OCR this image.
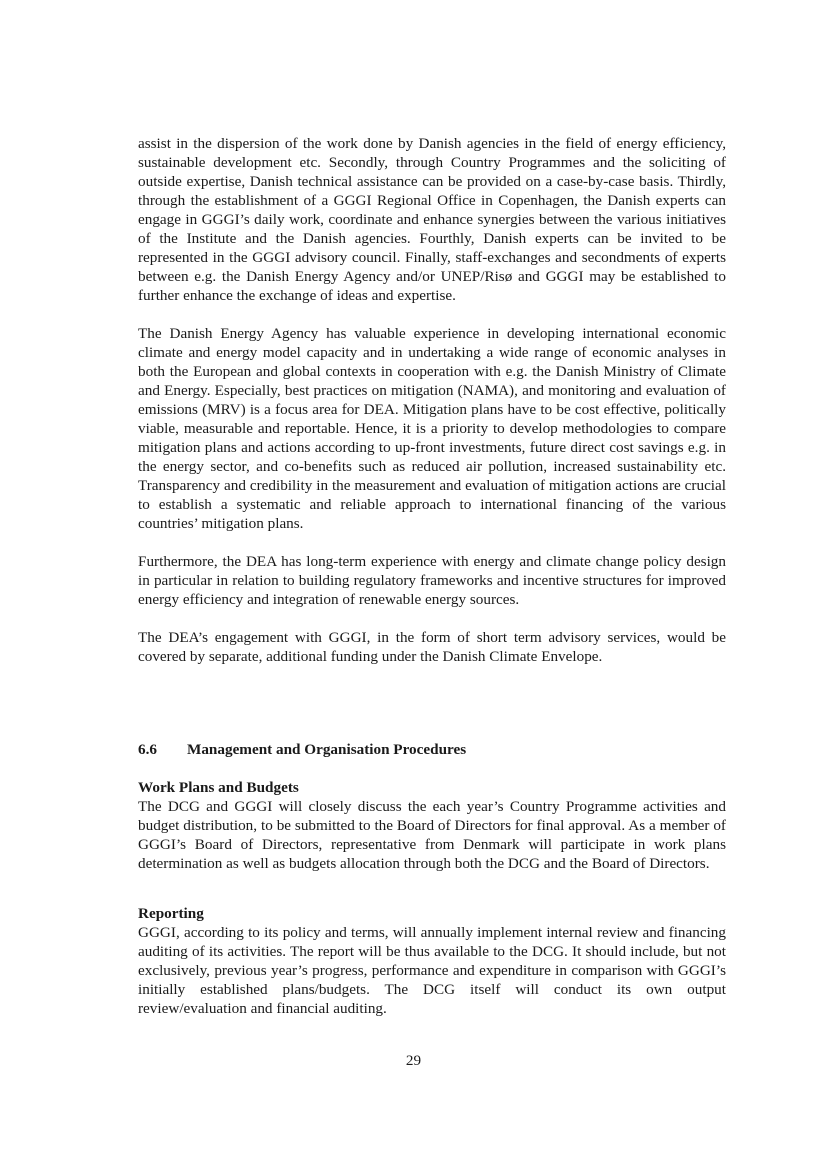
assist in the dispersion of the work done by Danish agencies in the field of energy efficiency, sustainable development etc. Secondly, through Country Programmes and the soliciting of outside expertise, Danish technical assistance can be provided on a case-by-case basis. Thirdly, through the establishment of a GGGI Regional Office in Copenhagen, the Danish experts can engage in GGGI’s daily work, coordinate and enhance synergies between the various initiatives of the Institute and the Danish agencies. Fourthly, Danish experts can be invited to be represented in the GGGI advisory council. Finally, staff-exchanges and secondments of experts between e.g. the Danish Energy Agency and/or UNEP/Risø and GGGI may be established to further enhance the exchange of ideas and expertise.

The Danish Energy Agency has valuable experience in developing international economic climate and energy model capacity and in undertaking a wide range of economic analyses in both the European and global contexts in cooperation with e.g. the Danish Ministry of Climate and Energy. Especially, best practices on mitigation (NAMA), and monitoring and evaluation of emissions (MRV) is a focus area for DEA. Mitigation plans have to be cost effective, politically viable, measurable and reportable. Hence, it is a priority to develop methodologies to compare mitigation plans and actions according to up-front investments, future direct cost savings e.g. in the energy sector, and co-benefits such as reduced air pollution, increased sustainability etc. Transparency and credibility in the measurement and evaluation of mitigation actions are crucial to establish a systematic and reliable approach to international financing of the various countries’ mitigation plans.

Furthermore, the DEA has long-term experience with energy and climate change policy design in particular in relation to building regulatory frameworks and incentive structures for improved energy efficiency and integration of renewable energy sources.

The DEA’s engagement with GGGI, in the form of short term advisory services, would be covered by separate, additional funding under the Danish Climate Envelope.

6.6	Management and Organisation Procedures

Work Plans and Budgets

The DCG and GGGI will closely discuss the each year’s Country Programme activities and budget distribution, to be submitted to the Board of Directors for final approval. As a member of GGGI’s Board of Directors, representative from Denmark will participate in work plans determination as well as budgets allocation through both the DCG and the Board of Directors.

Reporting

GGGI, according to its policy and terms, will annually implement internal review and financing auditing of its activities. The report will be thus available to the DCG. It should include, but not exclusively, previous year’s progress, performance and expenditure in comparison with GGGI’s initially established plans/budgets. The DCG itself will conduct its own output review/evaluation and financial auditing.

29
